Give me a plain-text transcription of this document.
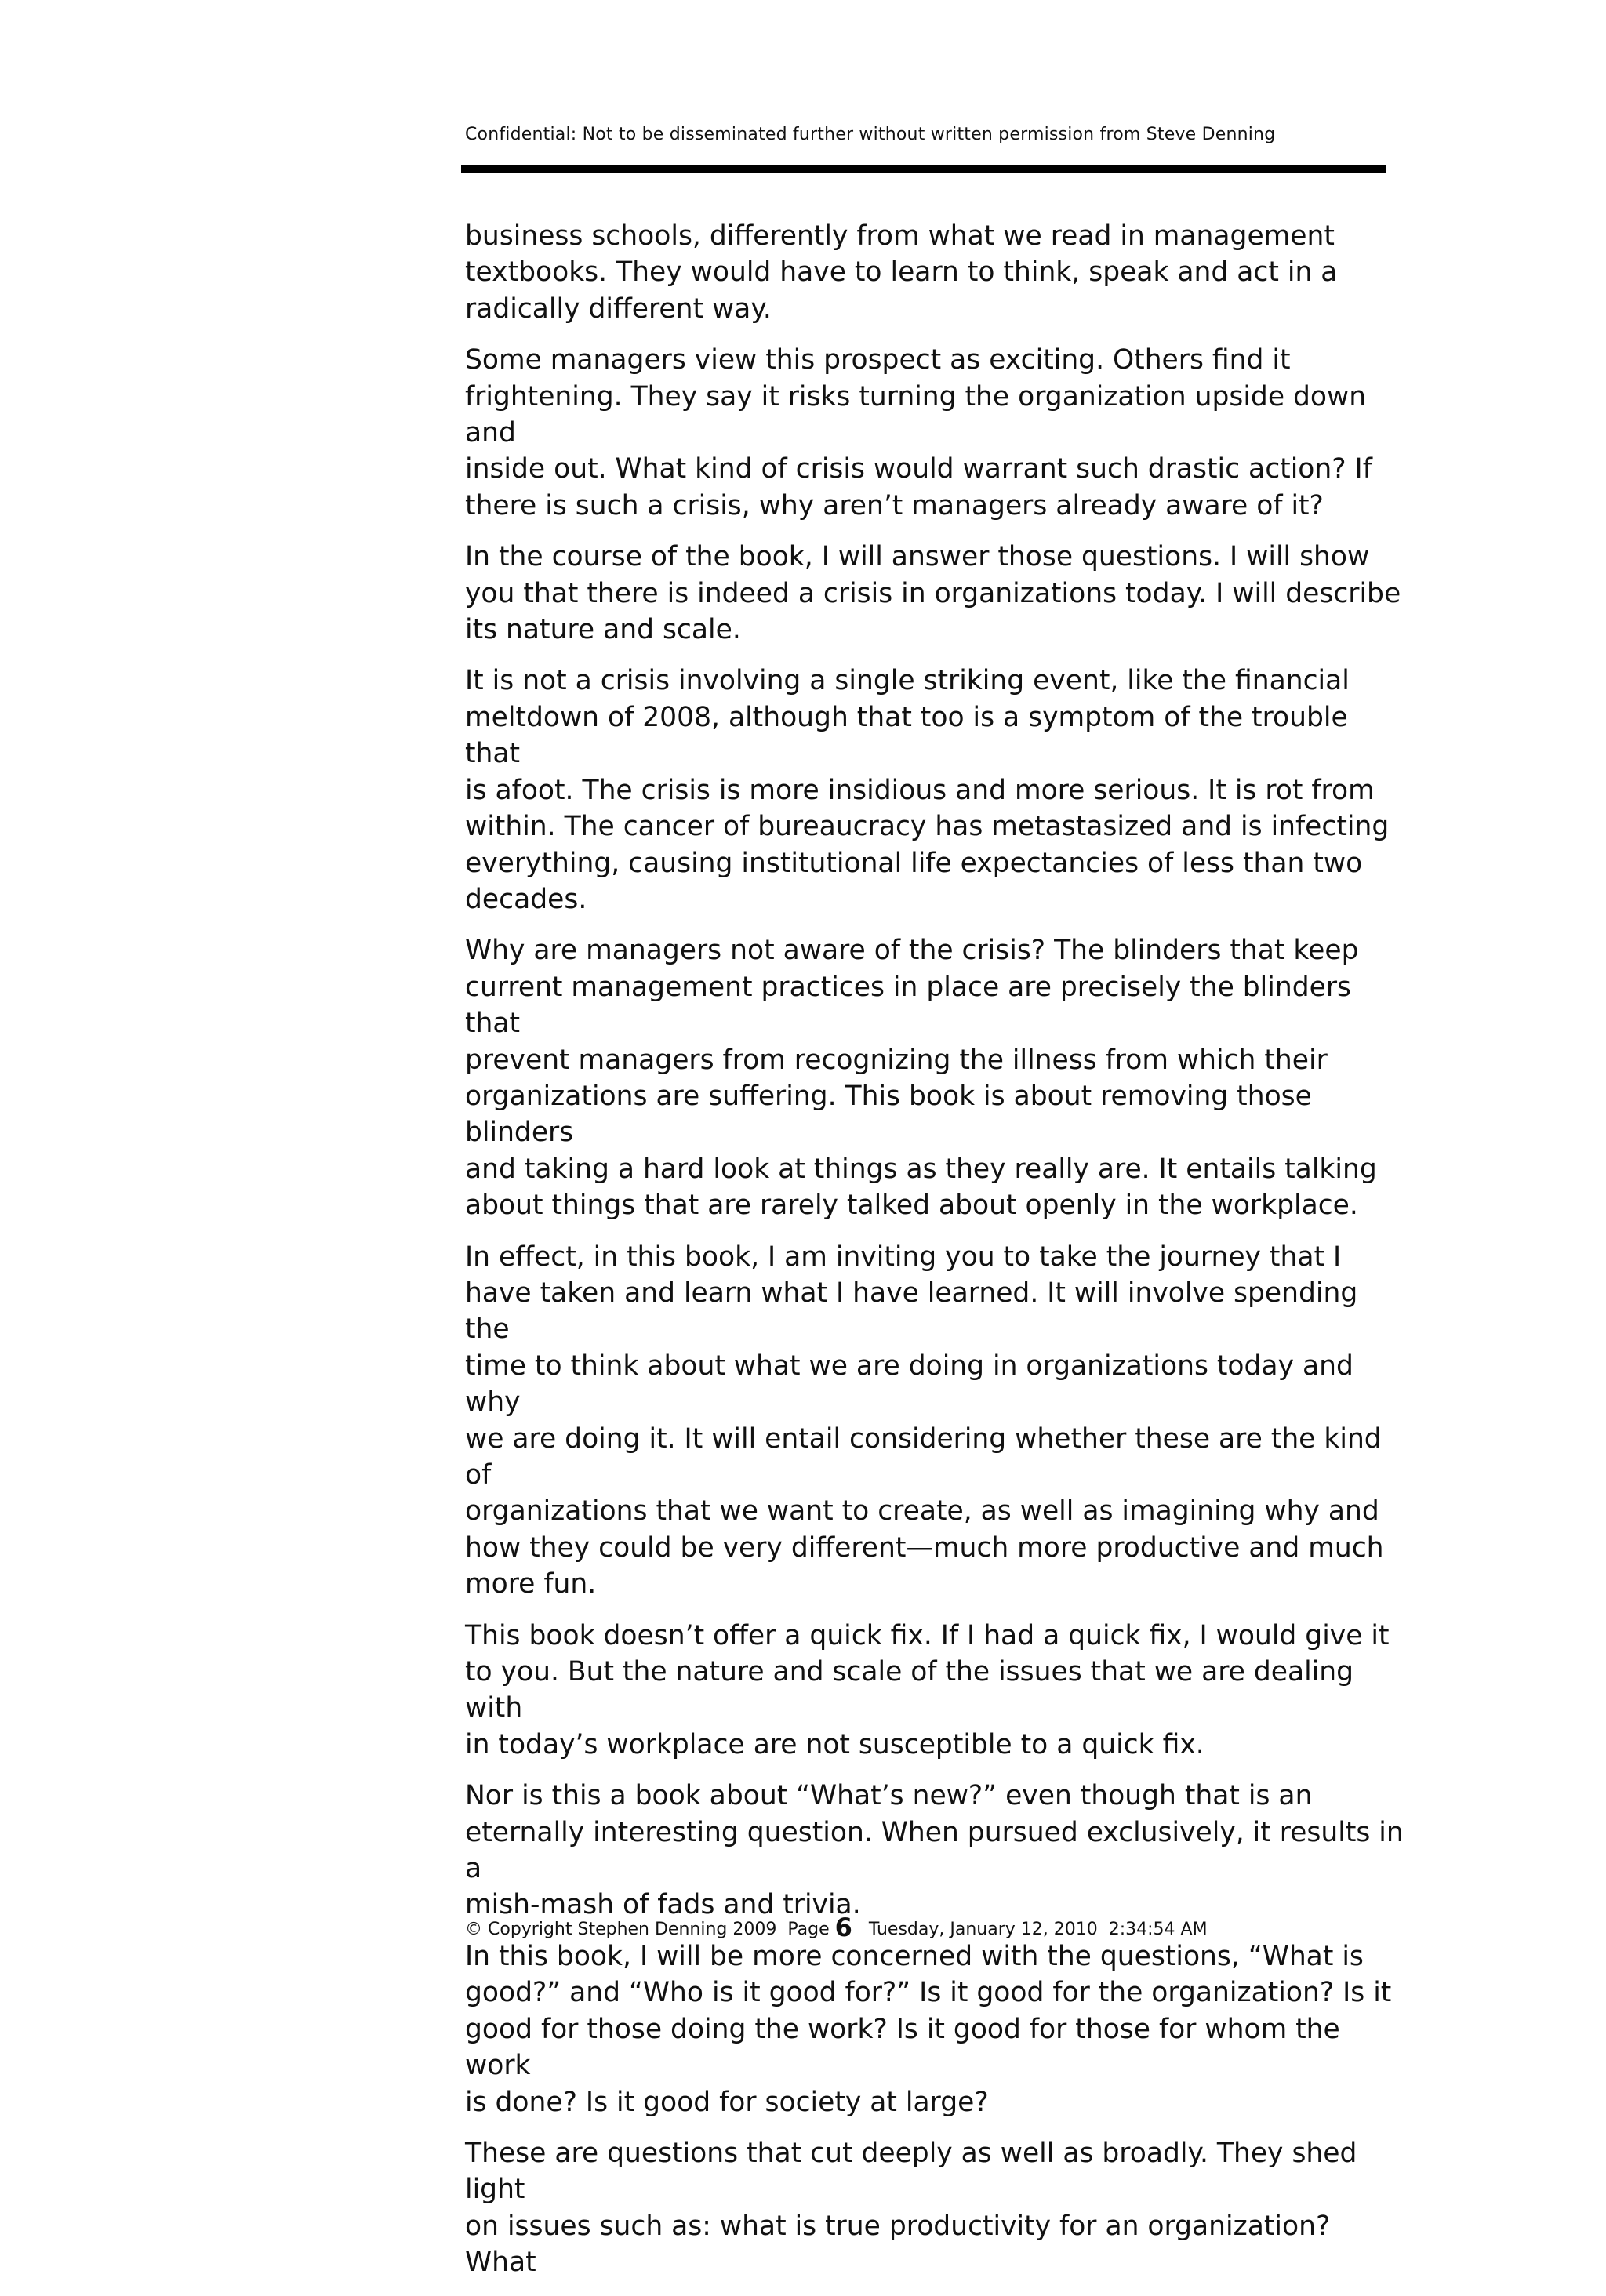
Confidential: Not to be disseminated further without written permission from Steve Denning

business schools, differently from what we read in management
textbooks. They would have to learn to think, speak and act in a
radically different way.

Some managers view this prospect as exciting. Others find it
frightening. They say it risks turning the organization upside down and
inside out. What kind of crisis would warrant such drastic action? If
there is such a crisis, why aren’t managers already aware of it?

In the course of the book, I will answer those questions. I will show
you that there is indeed a crisis in organizations today. I will describe
its nature and scale.

It is not a crisis involving a single striking event, like the financial
meltdown of 2008, although that too is a symptom of the trouble that
is afoot. The crisis is more insidious and more serious. It is rot from
within. The cancer of bureaucracy has metastasized and is infecting
everything, causing institutional life expectancies of less than two
decades.

Why are managers not aware of the crisis? The blinders that keep
current management practices in place are precisely the blinders that
prevent managers from recognizing the illness from which their
organizations are suffering. This book is about removing those blinders
and taking a hard look at things as they really are. It entails talking
about things that are rarely talked about openly in the workplace.

In effect, in this book, I am inviting you to take the journey that I
have taken and learn what I have learned. It will involve spending the
time to think about what we are doing in organizations today and why
we are doing it. It will entail considering whether these are the kind of
organizations that we want to create, as well as imagining why and
how they could be very different—much more productive and much
more fun.

This book doesn’t offer a quick fix. If I had a quick fix, I would give it
to you. But the nature and scale of the issues that we are dealing with
in today’s workplace are not susceptible to a quick fix.

Nor is this a book about “What’s new?” even though that is an
eternally interesting question. When pursued exclusively, it results in a
mish-mash of fads and trivia.

In this book, I will be more concerned with the questions, “What is
good?” and “Who is it good for?” Is it good for the organization? Is it
good for those doing the work? Is it good for those for whom the work
is done? Is it good for society at large?

These are questions that cut deeply as well as broadly. They shed light
on issues such as: what is true productivity for an organization? What

© Copyright Stephen Denning 2009 Page 6 Tuesday, January 12, 2010  2:34:54 AM
